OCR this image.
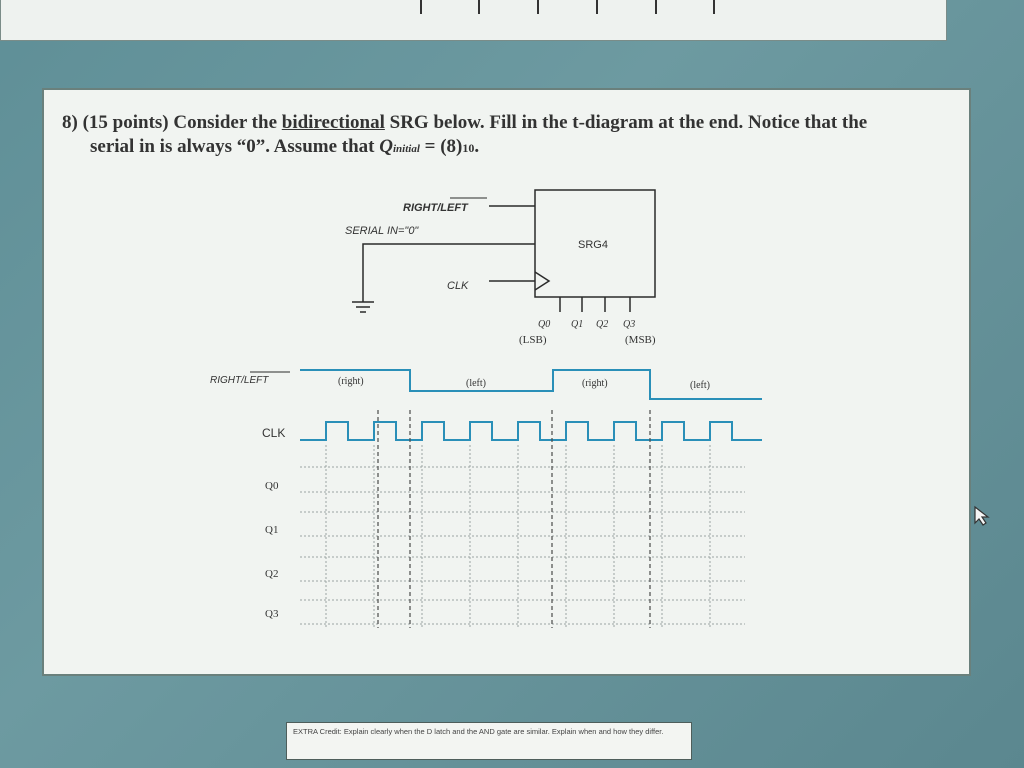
8) (15 points) Consider the bidirectional SRG below. Fill in the t-diagram at the end. Notice that the
serial in is always “0”. Assume that Qinitial = (8)10.
SRG4
RIGHT/LEFT
SERIAL IN="0"
CLK
Q0 Q1 Q2 Q3
(LSB)	(MSB)
RIGHT/LEFT
CLK
Q0
Q1
Q2
Q3
(right)	(left)	(right)	(left)
EXTRA Credit: Explain clearly when the D latch and the AND gate are similar. Explain when and how they differ.
